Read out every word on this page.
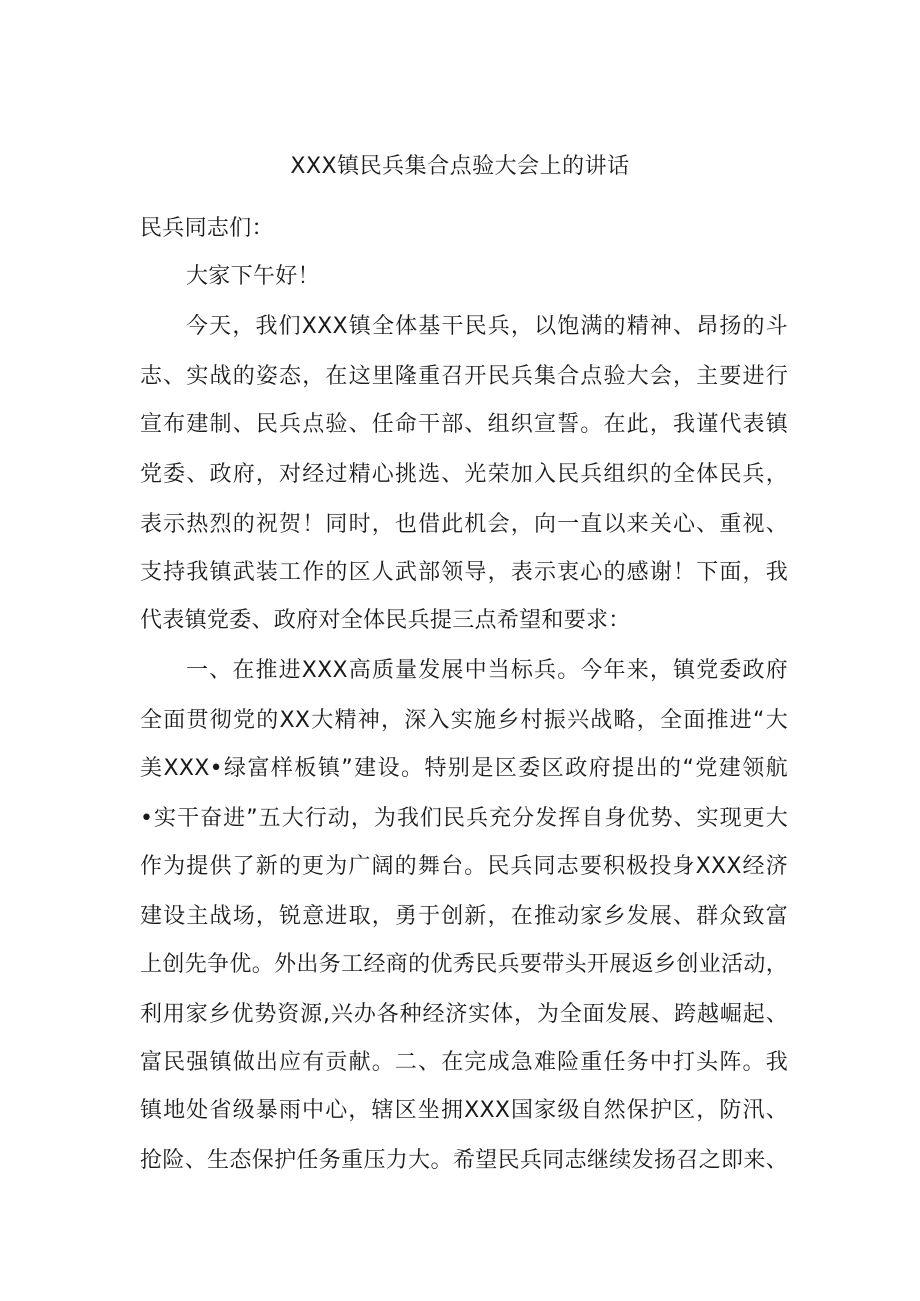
XXX镇民兵集合点验大会上的讲话
民兵同志们：
大家下午好！
今天，我们XXX镇全体基干民兵，以饱满的精神、昂扬的斗
志、实战的姿态，在这里隆重召开民兵集合点验大会，主要进行
宣布建制、民兵点验、任命干部、组织宣誓。在此，我谨代表镇
党委、政府，对经过精心挑选、光荣加入民兵组织的全体民兵，
表示热烈的祝贺！同时，也借此机会，向一直以来关心、重视、
支持我镇武装工作的区人武部领导，表示衷心的感谢！下面，我
代表镇党委、政府对全体民兵提三点希望和要求：
一、在推进XXX高质量发展中当标兵。今年来，镇党委政府
全面贯彻党的XX大精神，深入实施乡村振兴战略，全面推进“大
美XXX•绿富样板镇”建设。特别是区委区政府提出的“党建领航
•实干奋进”五大行动，为我们民兵充分发挥自身优势、实现更大
作为提供了新的更为广阔的舞台。民兵同志要积极投身XXX经济
建设主战场，锐意进取，勇于创新，在推动家乡发展、群众致富
上创先争优。外出务工经商的优秀民兵要带头开展返乡创业活动，
利用家乡优势资源,兴办各种经济实体，为全面发展、跨越崛起、
富民强镇做出应有贡献。二、在完成急难险重任务中打头阵。我
镇地处省级暴雨中心，辖区坐拥XXX国家级自然保护区，防汛、
抢险、生态保护任务重压力大。希望民兵同志继续发扬召之即来、
